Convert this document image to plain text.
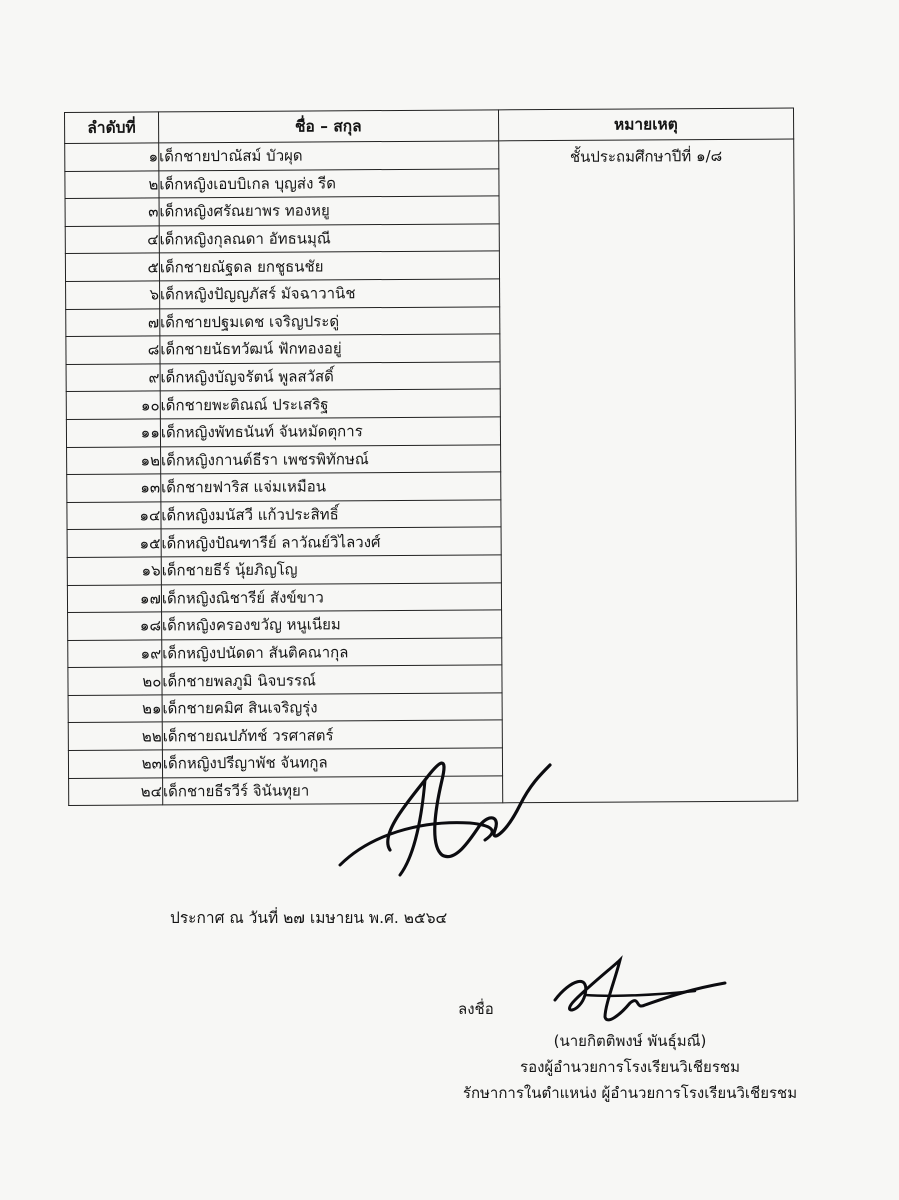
ลำดับที่	ชื่อ – สกุล	หมายเหตุ
๑	เด็กชายปาณัสม์ บัวผุด	ชั้นประถมศึกษาปีที่ ๑/๘

๒	เด็กหญิงเอบบิเกล บุญส่ง รีด	
๓	เด็กหญิงศรัณยาพร ทองหยู	
๔	เด็กหญิงกุลณดา อัทธนมุณี	
๕	เด็กชายณัฐดล ยกชูธนชัย	
๖	เด็กหญิงปัญญภัสร์ มัจฉาวานิช	
๗	เด็กชายปฐมเดช เจริญประดู่	
๘	เด็กชายนัธทวัฒน์ ฟักทองอยู่	
๙	เด็กหญิงบัญจรัตน์ พูลสวัสดิ์	
๑๐	เด็กชายพะติณณ์ ประเสริฐ	
๑๑	เด็กหญิงพัทธนันท์ จันหมัดตุการ	
๑๒	เด็กหญิงกานต์ธีรา เพชรพิทักษณ์	
๑๓	เด็กชายฟาริส แจ่มเหมือน	
๑๔	เด็กหญิงมนัสวี แก้วประสิทธิ์	
๑๕	เด็กหญิงปัณฑารีย์ ลาวัณย์วิไลวงศ์	
๑๖	เด็กชายธีร์ นุ้ยภิญโญ	
๑๗	เด็กหญิงณิชารีย์ สังข์ขาว	
๑๘	เด็กหญิงครองขวัญ หนูเนียม	
๑๙	เด็กหญิงปนัดดา สันติคณากุล	
๒๐	เด็กชายพลภูมิ นิจบรรณ์	
๒๑	เด็กชายคมิศ สินเจริญรุ่ง	
๒๒	เด็กชายณปภัทช์ วรศาสตร์	
๒๓	เด็กหญิงปรีญาพัช จันทกูล	
๒๔	เด็กชายธีรวีร์ จินันทุยา	
ประกาศ ณ วันที่ ๒๗ เมษายน พ.ศ. ๒๕๖๔
ลงชื่อ
(นายกิตติพงษ์ พันธุ์มณี)
รองผู้อำนวยการโรงเรียนวิเชียรชม
รักษาการในตำแหน่ง ผู้อำนวยการโรงเรียนวิเชียรชม
